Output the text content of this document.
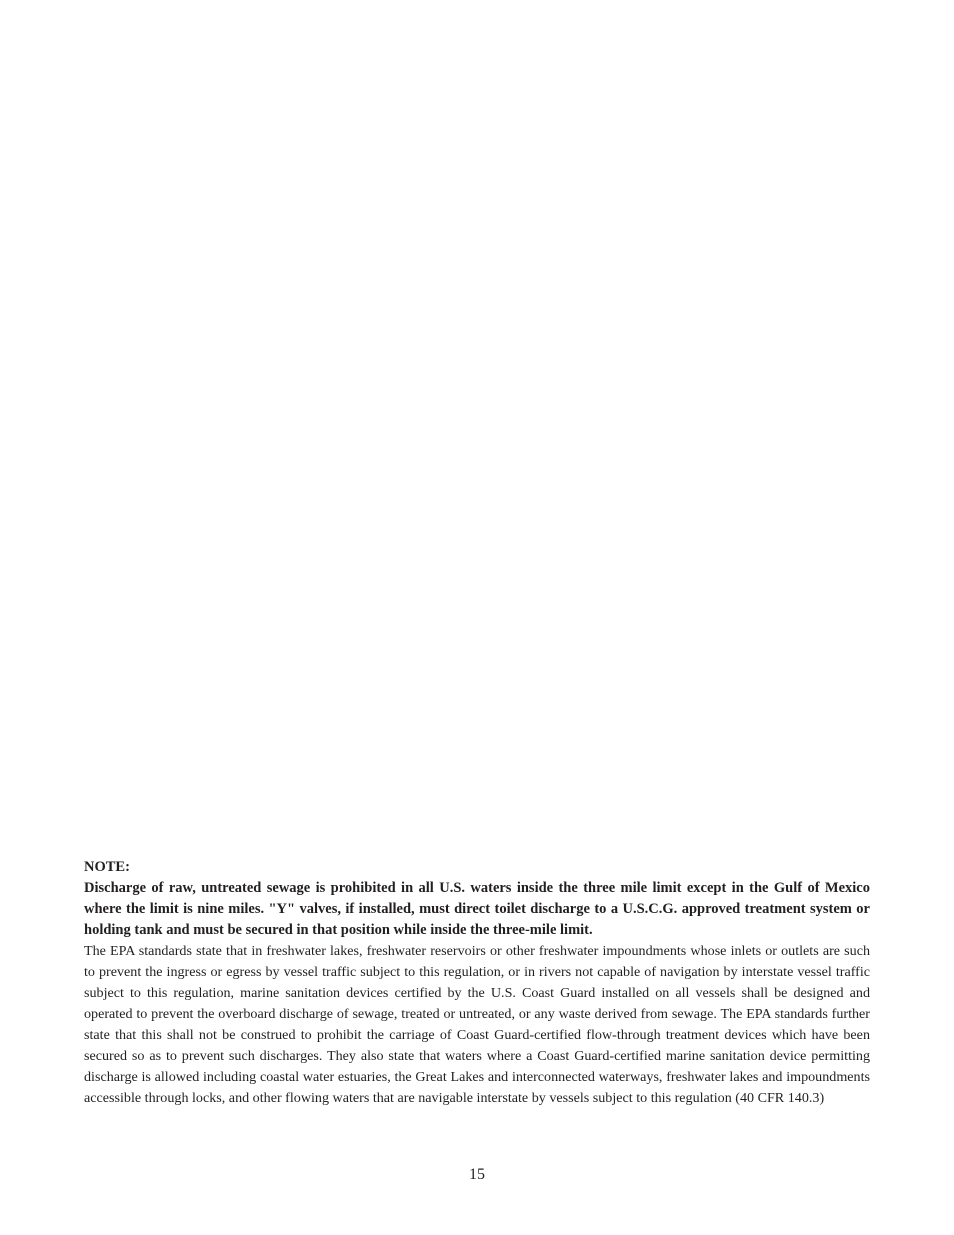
NOTE:

Discharge of raw, untreated sewage is prohibited in all U.S. waters inside the three mile limit except in the Gulf of Mexico where the limit is nine miles. "Y" valves, if installed, must direct toilet discharge to a U.S.C.G. approved treatment system or holding tank and must be secured in that position while inside the three-mile limit.

The EPA standards state that in freshwater lakes, freshwater reservoirs or other freshwater impoundments whose inlets or outlets are such to prevent the ingress or egress by vessel traffic subject to this regulation, or in rivers not capable of navigation by interstate vessel traffic subject to this regulation, marine sanitation devices certified by the U.S. Coast Guard installed on all vessels shall be designed and operated to prevent the overboard discharge of sewage, treated or untreated, or any waste derived from sewage. The EPA standards further state that this shall not be construed to prohibit the carriage of Coast Guard-certified flow-through treatment devices which have been secured so as to prevent such discharges. They also state that waters where a Coast Guard-certified marine sanitation device permitting discharge is allowed including coastal water estuaries, the Great Lakes and interconnected waterways, freshwater lakes and impoundments accessible through locks, and other flowing waters that are navigable interstate by vessels subject to this regulation (40 CFR 140.3)

15
